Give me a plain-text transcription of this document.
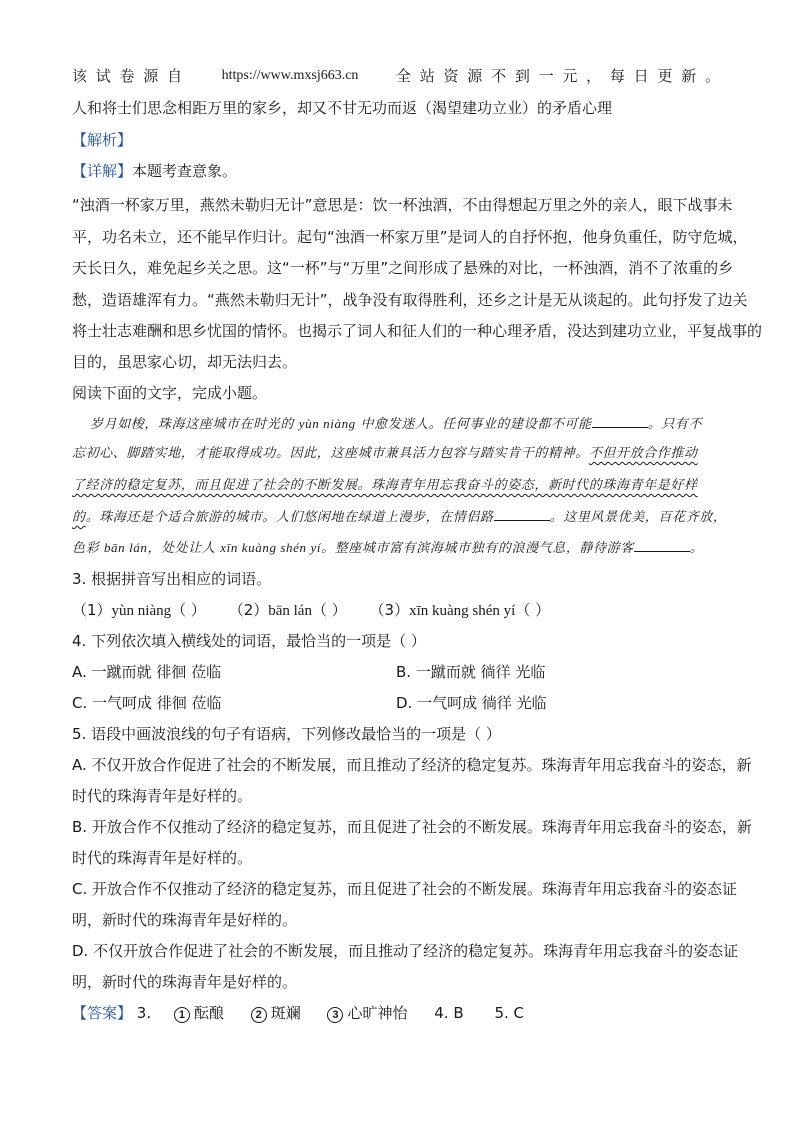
该 试 卷 源 自	https://www.mxsj663.cn	全 站 资 源 不 到 一 元 ， 每 日 更 新 。
人和将士们思念相距万里的家乡，却又不甘无功而返（渴望建功立业）的矛盾心理
【解析】
【详解】本题考查意象。
“浊酒一杯家万里，燕然未勒归无计”意思是：饮一杯浊酒，不由得想起万里之外的亲人，眼下战事未
平，功名未立，还不能早作归计。起句“浊酒一杯家万里”是词人的自抒怀抱，他身负重任，防守危城，
天长日久，难免起乡关之思。这“一杯”与“万里”之间形成了悬殊的对比，一杯浊酒，消不了浓重的乡
愁，造语雄浑有力。“燕然未勒归无计”，战争没有取得胜利，还乡之计是无从谈起的。此句抒发了边关
将士壮志难酬和思乡忧国的情怀。也揭示了词人和征人们的一种心理矛盾，没达到建功立业，平复战事的
目的，虽思家心切，却无法归去。
阅读下面的文字，完成小题。
岁月如梭，珠海这座城市在时光的 yùn niàng 中愈发迷人。任何事业的建设都不可能	。只有不
忘初心、脚踏实地，才能取得成功。因此，这座城市兼具活力包容与踏实肯干的精神。不但开放合作推动
了经济的稳定复苏，而且促进了社会的不断发展。珠海青年用忘我奋斗的姿态，新时代的珠海青年是好样
的。珠海还是个适合旅游的城市。人们悠闲地在绿道上漫步，在情侣路	。这里风景优美，百花齐放，
色彩 bān lán，处处让人 xīn kuàng shén yí。整座城市富有滨海城市独有的浪漫气息，静待游客	。
3. 根据拼音写出相应的词语。
（1）yùn niàng（ ） （2）bān lán（ ） （3）xīn kuàng shén yí（ ）
4. 下列依次填入横线处的词语，最恰当的一项是（ ）
A. 一蹴而就 徘徊 莅临	B. 一蹴而就 徜徉 光临
C. 一气呵成 徘徊 莅临	D. 一气呵成 徜徉 光临
5. 语段中画波浪线的句子有语病，下列修改最恰当的一项是（ ）
A. 不仅开放合作促进了社会的不断发展，而且推动了经济的稳定复苏。珠海青年用忘我奋斗的姿态，新
时代的珠海青年是好样的。
B. 开放合作不仅推动了经济的稳定复苏，而且促进了社会的不断发展。珠海青年用忘我奋斗的姿态，新
时代的珠海青年是好样的。
C. 开放合作不仅推动了经济的稳定复苏，而且促进了社会的不断发展。珠海青年用忘我奋斗的姿态证
明，新时代的珠海青年是好样的。
D. 不仅开放合作促进了社会的不断发展，而且推动了经济的稳定复苏。珠海青年用忘我奋斗的姿态证
明，新时代的珠海青年是好样的。
【答案】 3.	1 酝酿	2 斑斓	3 心旷神怡 4. B 5. C
